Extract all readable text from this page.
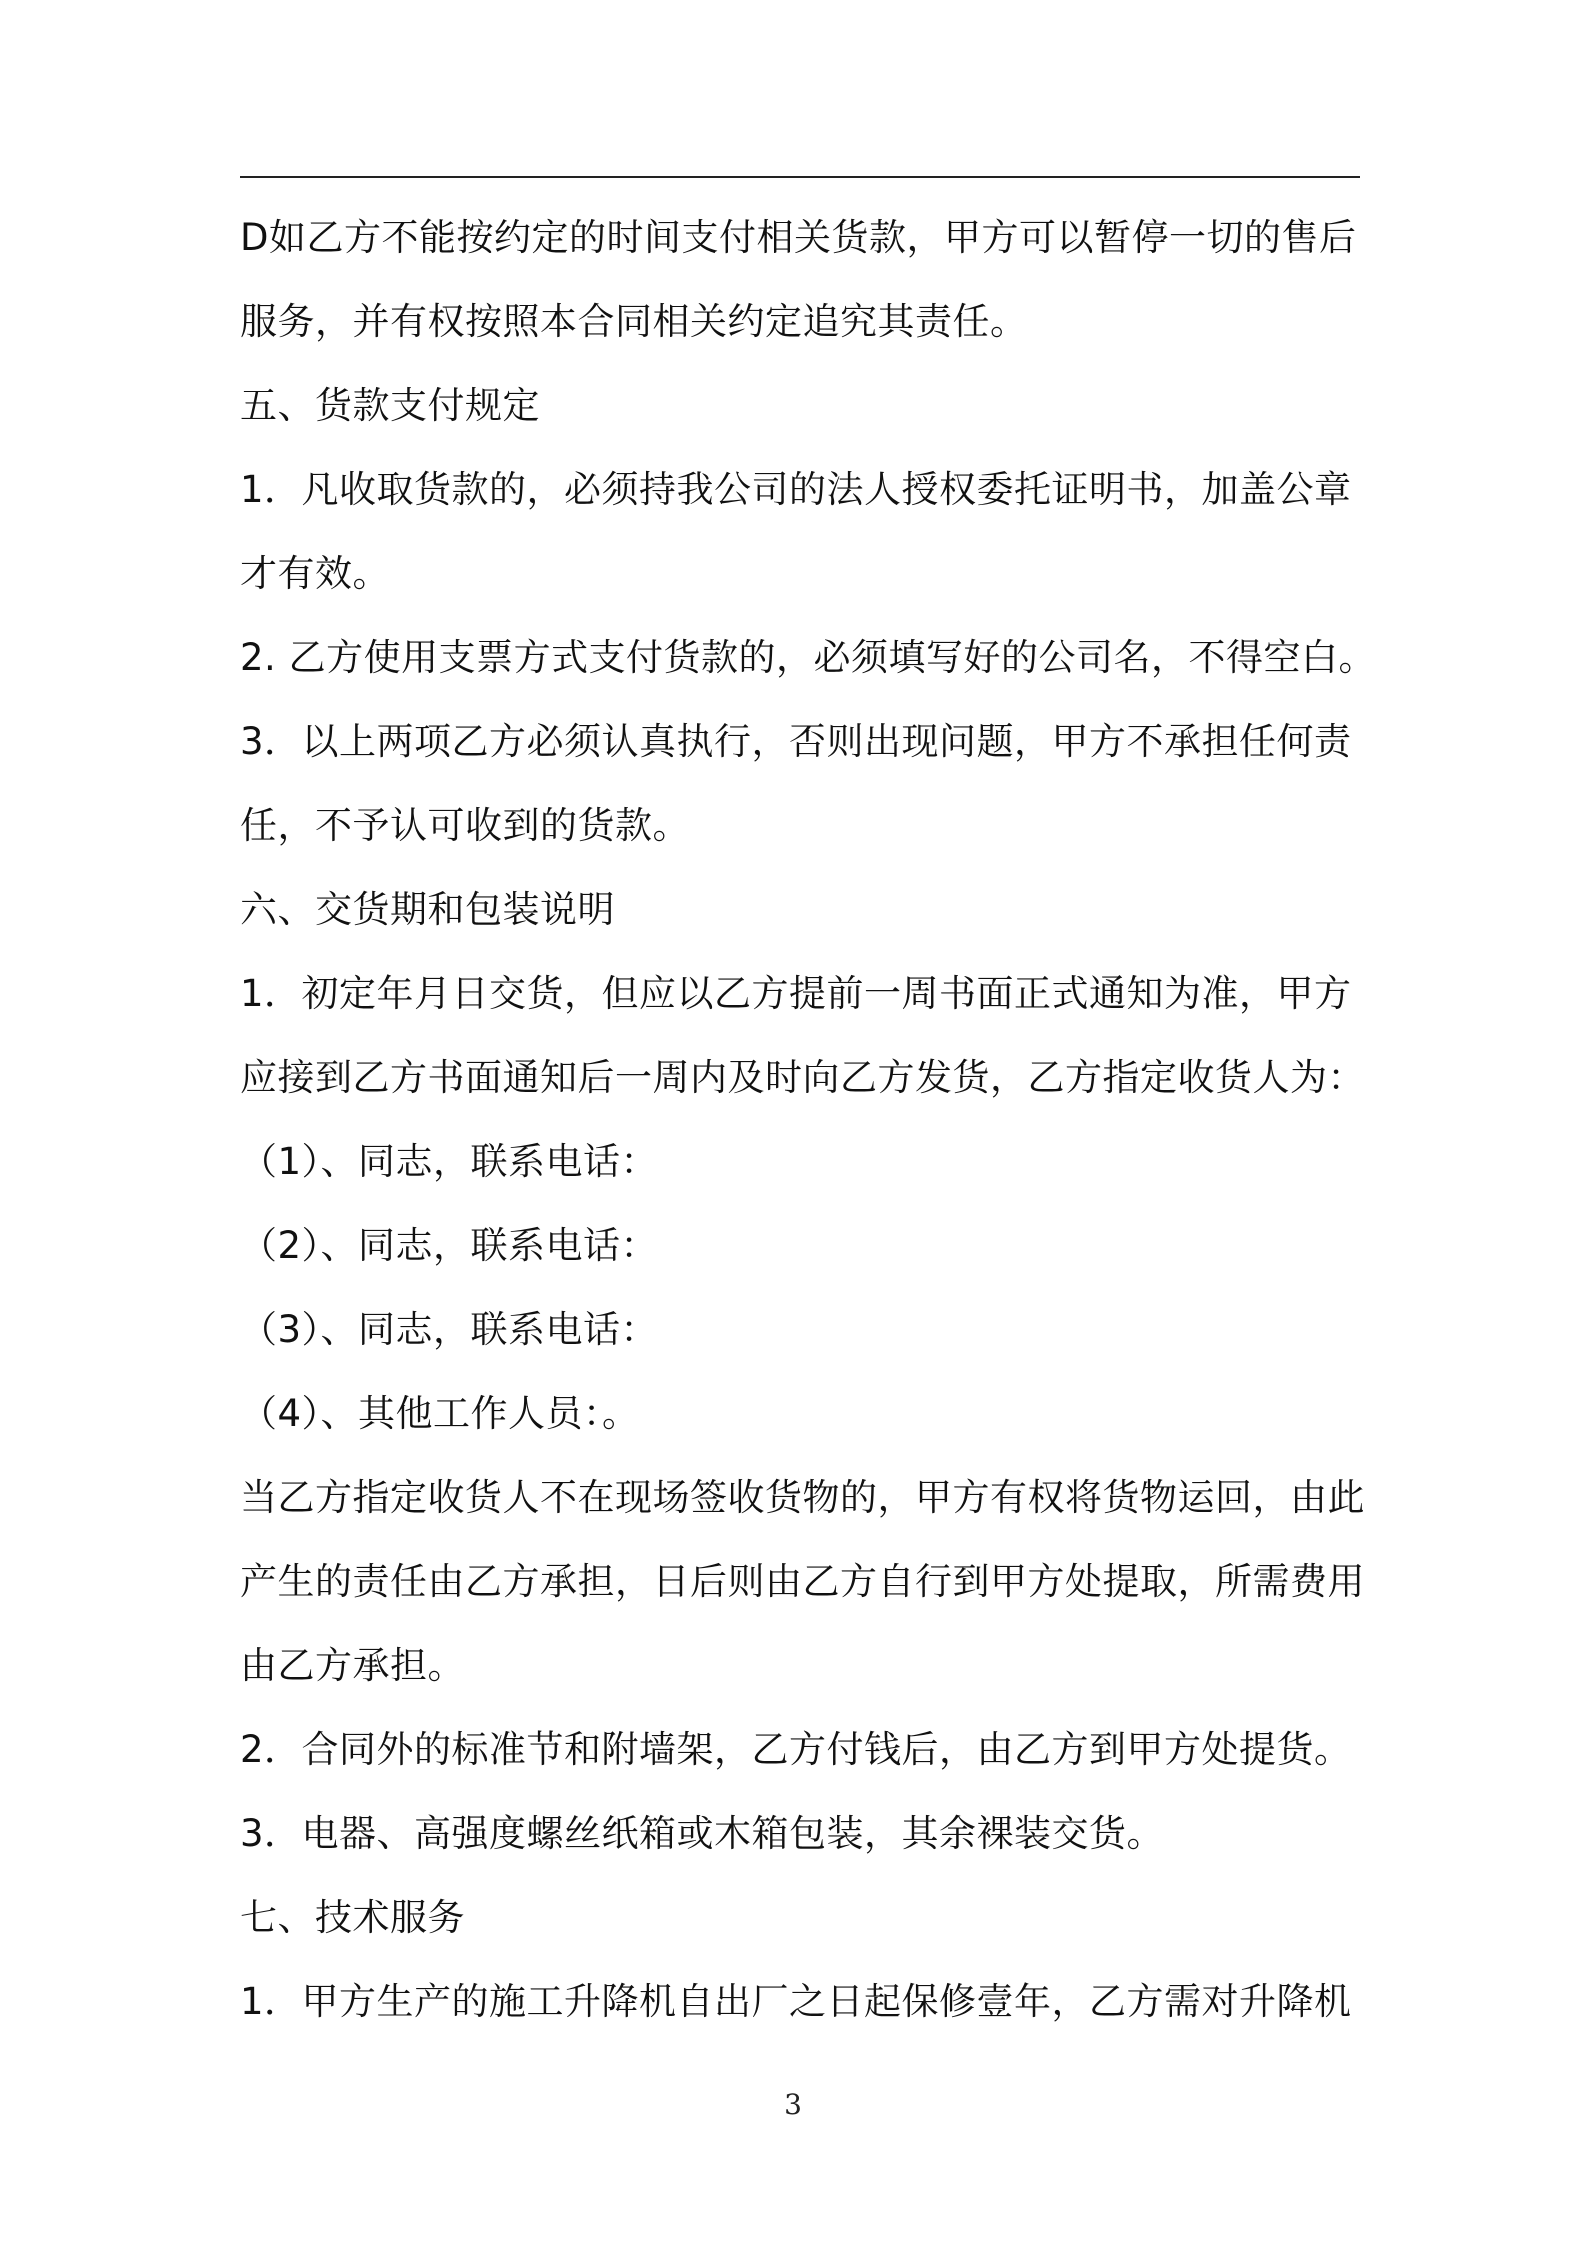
D如乙方不能按约定的时间支付相关货款，甲方可以暂停一切的售后
服务，并有权按照本合同相关约定追究其责任。
五、货款支付规定
1．凡收取货款的，必须持我公司的法人授权委托证明书，加盖公章
才有效。
2. 乙方使用支票方式支付货款的，必须填写好的公司名，不得空白。
3．以上两项乙方必须认真执行，否则出现问题，甲方不承担任何责
任，不予认可收到的货款。
六、交货期和包装说明
1．初定年月日交货，但应以乙方提前一周书面正式通知为准，甲方
应接到乙方书面通知后一周内及时向乙方发货，乙方指定收货人为：
（1）、同志，联系电话：
（2）、同志，联系电话：
（3）、同志，联系电话：
（4）、其他工作人员：。
当乙方指定收货人不在现场签收货物的，甲方有权将货物运回，由此
产生的责任由乙方承担，日后则由乙方自行到甲方处提取，所需费用
由乙方承担。
2．合同外的标准节和附墙架，乙方付钱后，由乙方到甲方处提货。
3．电器、高强度螺丝纸箱或木箱包装，其余裸装交货。
七、技术服务
1．甲方生产的施工升降机自出厂之日起保修壹年，乙方需对升降机
3
